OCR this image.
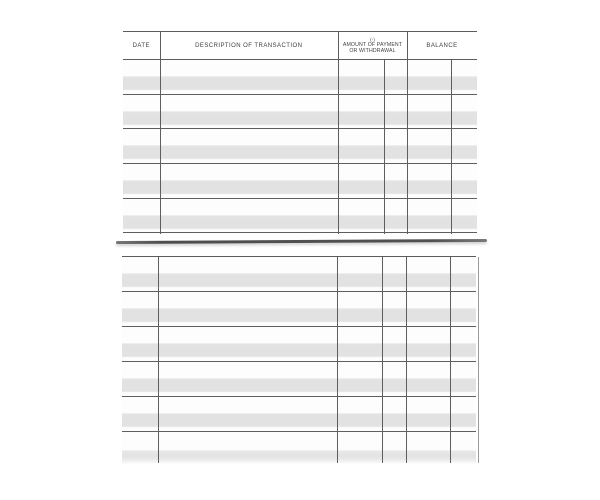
DATE	DESCRIPTION OF TRANSACTION
(-)
AMOUNT OF PAYMENT
OR WITHDRAWAL
BALANCE
